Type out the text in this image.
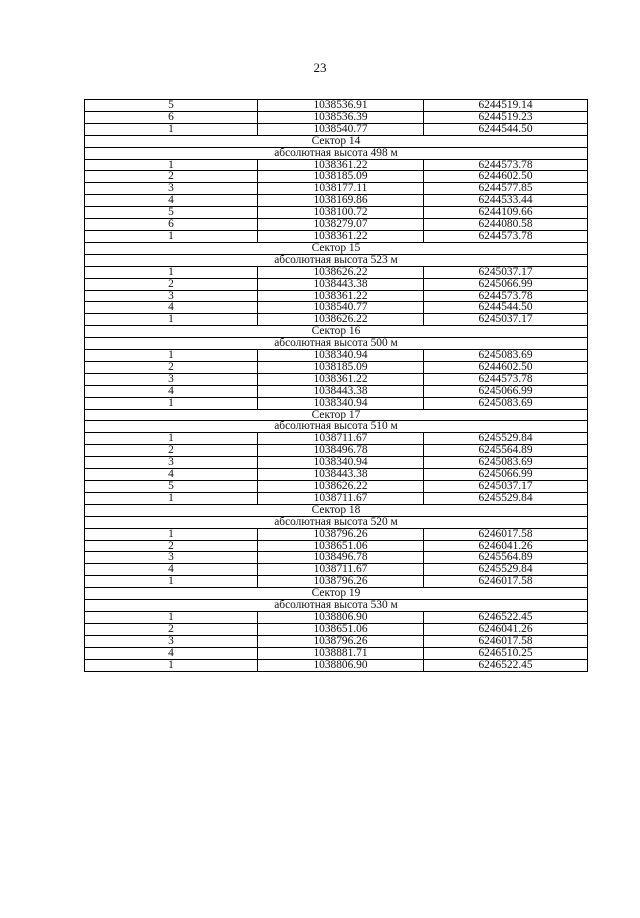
23
5	1038536.91	6244519.14
6	1038536.39	6244519.23
1	1038540.77	6244544.50
Сектор 14		
абсолютная высота 498 м		
1	1038361.22	6244573.78
2	1038185.09	6244602.50
3	1038177.11	6244577.85
4	1038169.86	6244533.44
5	1038100.72	6244109.66
6	1038279.07	6244080.58
1	1038361.22	6244573.78
Сектор 15		
абсолютная высота 523 м		
1	1038626.22	6245037.17
2	1038443.38	6245066.99
3	1038361.22	6244573.78
4	1038540.77	6244544.50
1	1038626.22	6245037.17
Сектор 16		
абсолютная высота 500 м		
1	1038340.94	6245083.69
2	1038185.09	6244602.50
3	1038361.22	6244573.78
4	1038443.38	6245066.99
1	1038340.94	6245083.69
Сектор 17		
абсолютная высота 510 м		
1	1038711.67	6245529.84
2	1038496.78	6245564.89
3	1038340.94	6245083.69
4	1038443.38	6245066.99
5	1038626.22	6245037.17
1	1038711.67	6245529.84
Сектор 18		
абсолютная высота 520 м		
1	1038796.26	6246017.58
2	1038651.06	6246041.26
3	1038496.78	6245564.89
4	1038711.67	6245529.84
1	1038796.26	6246017.58
Сектор 19		
абсолютная высота 530 м		
1	1038806.90	6246522.45
2	1038651.06	6246041.26
3	1038796.26	6246017.58
4	1038881.71	6246510.25
1	1038806.90	6246522.45
